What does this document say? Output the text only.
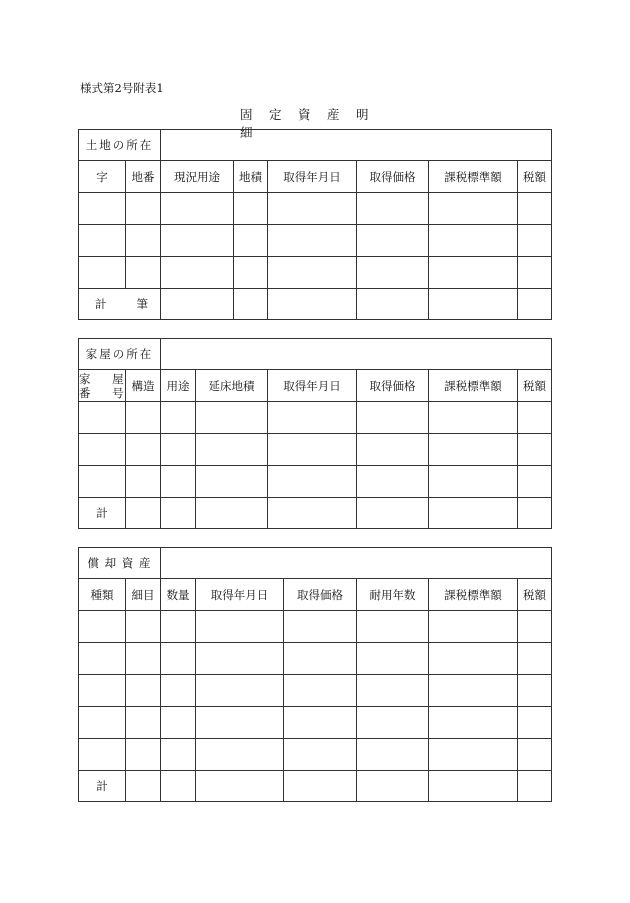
様式第2号附表1
固　定　資　産　明　細
土地の所在							
字	地番	現況用途	地積	取得年月日	取得価格	課税標準額	税額

計 筆							

家屋の所在							

家 屋
番 号	構造	用途	延床地積	取得年月日	取得価格	課税標準額	税額

計							
償 却 資 産							
種類	細目	数量	取得年月日	取得価格	耐用年数	課税標準額	税額

計							
